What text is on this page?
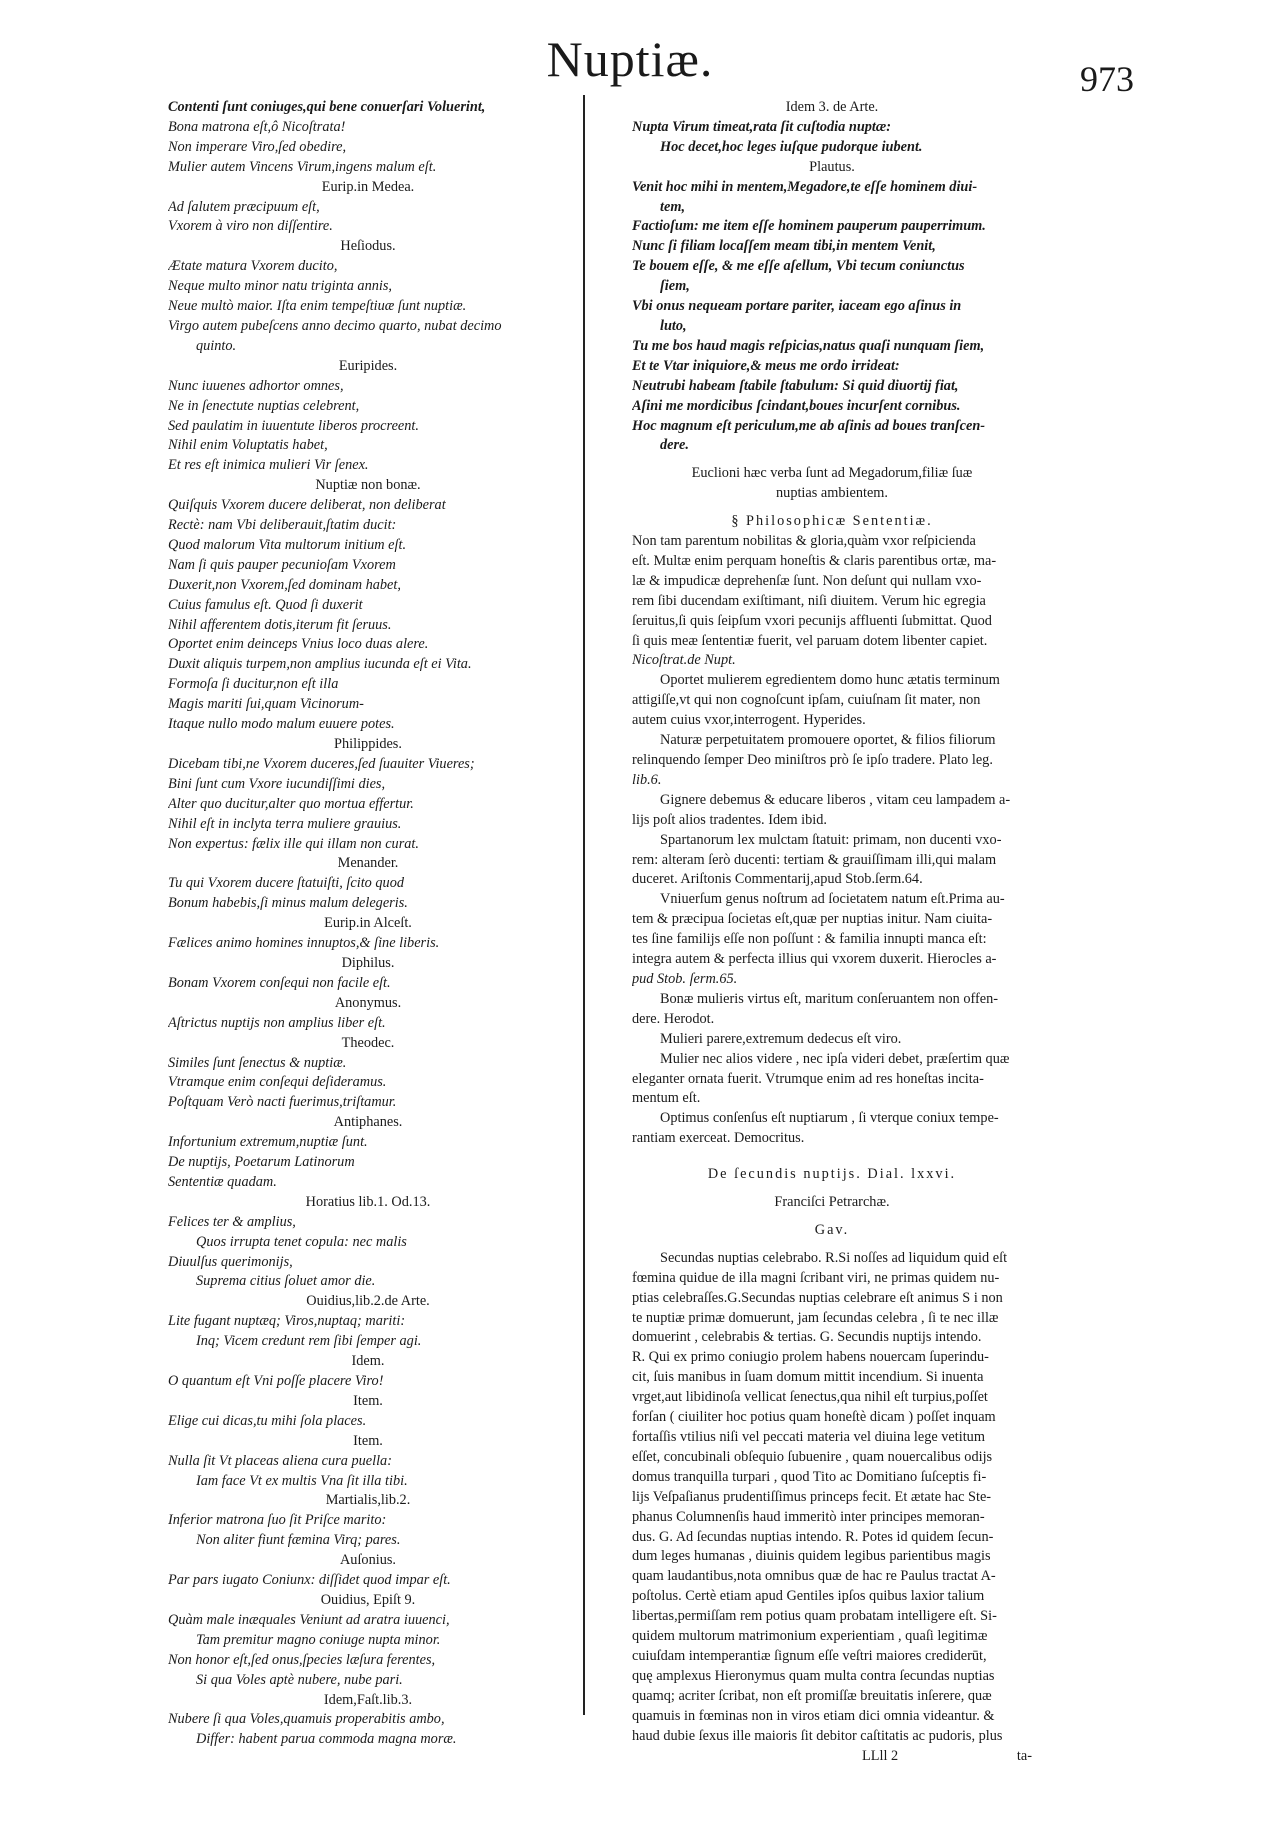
Nuptiæ.	973
Contenti ſunt coniuges,qui bene conuerſari Voluerint,
Bona matrona eſt,ô Nicoſtrata!
Non imperare Viro,ſed obedire,
Mulier autem Vincens Virum,ingens malum eſt.
Eurip.in Medea.
Ad ſalutem præcipuum eſt,
Vxorem à viro non diſſentire.
Heſiodus.
Ætate matura Vxorem ducito,
Neque multo minor natu triginta annis,
Neue multò maior. Iſta enim tempeſtiuæ ſunt nuptiæ.
Virgo autem pubeſcens anno decimo quarto, nubat decimo
quinto.
Euripides.
Nunc iuuenes adhortor omnes,
Ne in ſenectute nuptias celebrent,
Sed paulatim in iuuentute liberos procreent.
Nihil enim Voluptatis habet,
Et res eſt inimica mulieri Vir ſenex.
Nuptiæ non bonæ.
Quiſquis Vxorem ducere deliberat, non deliberat
Rectè: nam Vbi deliberauit,ſtatim ducit:
Quod malorum Vita multorum initium eſt.
Nam ſi quis pauper pecunioſam Vxorem
Duxerit,non Vxorem,ſed dominam habet,
Cuius famulus eſt. Quod ſi duxerit
Nihil afferentem dotis,iterum fit ſeruus.
Oportet enim deinceps Vnius loco duas alere.
Duxit aliquis turpem,non amplius iucunda eſt ei Vita.
Formoſa ſi ducitur,non eſt illa
Magis mariti ſui,quam Vicinorum-
Itaque nullo modo malum euuere potes.
Philippides.
Dicebam tibi,ne Vxorem duceres,ſed ſuauiter Viueres;
Bini ſunt cum Vxore iucundiſſimi dies,
Alter quo ducitur,alter quo mortua effertur.
Nihil eſt in inclyta terra muliere grauius.
Non expertus: fælix ille qui illam non curat.
Menander.
Tu qui Vxorem ducere ſtatuiſti, ſcito quod
Bonum habebis,ſi minus malum delegeris.
Eurip.in Alceſt.
Fælices animo homines innuptos,& ſine liberis.
Diphilus.
Bonam Vxorem conſequi non facile eſt.
Anonymus.
Aſtrictus nuptijs non amplius liber eſt.
Theodec.
Similes ſunt ſenectus & nuptiæ.
Vtramque enim conſequi deſideramus.
Poſtquam Verò nacti fuerimus,triſtamur.
Antiphanes.
Infortunium extremum,nuptiæ ſunt.
De nuptijs, Poetarum Latinorum
Sententiæ quadam.
Horatius lib.1. Od.13.
Felices ter & amplius,
Quos irrupta tenet copula: nec malis
Diuulſus querimonijs,
Suprema citius ſoluet amor die.
Ouidius,lib.2.de Arte.
Lite fugant nuptæq; Viros,nuptaq; mariti:
Inq; Vicem credunt rem ſibi ſemper agi.
Idem.
O quantum eſt Vni poſſe placere Viro!
Item.
Elige cui dicas,tu mihi ſola places.
Item.
Nulla ſit Vt placeas aliena cura puella:
Iam face Vt ex multis Vna ſit illa tibi.
Martialis,lib.2.
Inferior matrona ſuo ſit Priſce marito:
Non aliter fiunt fæmina Virq; pares.
Auſonius.
Par pars iugato Coniunx: diſſidet quod impar eſt.
Ouidius, Epiſt 9.
Quàm male inæquales Veniunt ad aratra iuuenci,
Tam premitur magno coniuge nupta minor.
Non honor eſt,ſed onus,ſpecies læſura ferentes,
Si qua Voles aptè nubere, nube pari.
Idem,Faſt.lib.3.
Nubere ſi qua Voles,quamuis properabitis ambo,
Differ: habent parua commoda magna moræ.
Idem 3. de Arte.
Nupta Virum timeat,rata ſit cuſtodia nuptæ:
Hoc decet,hoc leges iuſque pudorque iubent.
Plautus.
Venit hoc mihi in mentem,Megadore,te eſſe hominem diui-
tem,
Factioſum: me item eſſe hominem pauperum pauperrimum.
Nunc ſi filiam locaſſem meam tibi,in mentem Venit,
Te bouem eſſe, & me eſſe aſellum, Vbi tecum coniunctus
ſiem,
Vbi onus nequeam portare pariter, iaceam ego aſinus in
luto,
Tu me bos haud magis reſpicias,natus quaſi nunquam ſiem,
Et te Vtar iniquiore,& meus me ordo irrideat:
Neutrubi habeam ſtabile ſtabulum: Si quid diuortij fiat,
Aſini me mordicibus ſcindant,boues incurſent cornibus.
Hoc magnum eſt periculum,me ab aſinis ad boues tranſcen-
dere.
Euclioni hæc verba ſunt ad Megadorum,filiæ ſuæ
nuptias ambientem.
§ Philosophicæ Sententiæ.
Non tam parentum nobilitas & gloria,quàm vxor reſpicienda
eſt. Multæ enim perquam honeſtis & claris parentibus ortæ, ma-
læ & impudicæ deprehenſæ ſunt. Non deſunt qui nullam vxo-
rem ſibi ducendam exiſtimant, niſi diuitem. Verum hic egregia
ſeruitus,ſi quis ſeipſum vxori pecunijs affluenti ſubmittat. Quod
ſi quis meæ ſententiæ fuerit, vel paruam dotem libenter capiet.
Nicoſtrat.de Nupt.
Oportet mulierem egredientem domo hunc ætatis terminum
attigiſſe,vt qui non cognoſcunt ipſam, cuiuſnam ſit mater, non
autem cuius vxor,interrogent. Hyperides.
Naturæ perpetuitatem promouere oportet, & filios filiorum
relinquendo ſemper Deo miniſtros prò ſe ipſo tradere. Plato leg.
lib.6.
Gignere debemus & educare liberos , vitam ceu lampadem a-
lijs poſt alios tradentes. Idem ibid.
Spartanorum lex mulctam ſtatuit: primam, non ducenti vxo-
rem: alteram ſerò ducenti: tertiam & grauiſſimam illi,qui malam
duceret. Ariſtonis Commentarij,apud Stob.ſerm.64.
Vniuerſum genus noſtrum ad ſocietatem natum eſt.Prima au-
tem & præcipua ſocietas eſt,quæ per nuptias initur. Nam ciuita-
tes ſine familijs eſſe non poſſunt : & familia innupti manca eſt:
integra autem & perfecta illius qui vxorem duxerit. Hierocles a-
pud Stob. ſerm.65.
Bonæ mulieris virtus eſt, maritum conſeruantem non offen-
dere. Herodot.
Mulieri parere,extremum dedecus eſt viro.
Mulier nec alios videre , nec ipſa videri debet, præſertim quæ
eleganter ornata fuerit. Vtrumque enim ad res honeſtas incita-
mentum eſt.
Optimus conſenſus eſt nuptiarum , ſi vterque coniux tempe-
rantiam exerceat. Democritus.
De ſecundis nuptijs. Dial. lxxvi.
Franciſci Petrarchæ.
Gav.
Secundas nuptias celebrabo. R.Si noſſes ad liquidum quid eſt
fœmina quidue de illa magni ſcribant viri, ne primas quidem nu-
ptias celebraſſes.G.Secundas nuptias celebrare eſt animus S i non
te nuptiæ primæ domuerunt, jam ſecundas celebra , ſi te nec illæ
domuerint , celebrabis & tertias. G. Secundis nuptijs intendo.
R. Qui ex primo coniugio prolem habens nouercam ſuperindu-
cit, ſuis manibus in ſuam domum mittit incendium. Si inuenta
vrget,aut libidinoſa vellicat ſenectus,qua nihil eſt turpius,poſſet
forſan ( ciuiliter hoc potius quam honeſtè dicam ) poſſet inquam
fortaſſis vtilius niſi vel peccati materia vel diuina lege vetitum
eſſet, concubinali obſequio ſubuenire , quam nouercalibus odijs
domus tranquilla turpari , quod Tito ac Domitiano ſuſceptis fi-
lijs Veſpaſianus prudentiſſimus princeps fecit. Et ætate hac Ste-
phanus Columnenſis haud immeritò inter principes memoran-
dus. G. Ad ſecundas nuptias intendo. R. Potes id quidem ſecun-
dum leges humanas , diuinis quidem legibus parientibus magis
quam laudantibus,nota omnibus quæ de hac re Paulus tractat A-
poſtolus. Certè etiam apud Gentiles ipſos quibus laxior talium
libertas,permiſſam rem potius quam probatam intelligere eſt. Si-
quidem multorum matrimonium experientiam , quaſi legitimæ
cuiuſdam intemperantiæ ſignum eſſe veſtri maiores crediderūt,
quę amplexus Hieronymus quam multa contra ſecundas nuptias
quamq; acriter ſcribat, non eſt promiſſæ breuitatis inſerere, quæ
quamuis in fœminas non in viros etiam dici omnia videantur. &
haud dubie ſexus ille maioris ſit debitor caſtitatis ac pudoris, plus
LLll 2	ta-
